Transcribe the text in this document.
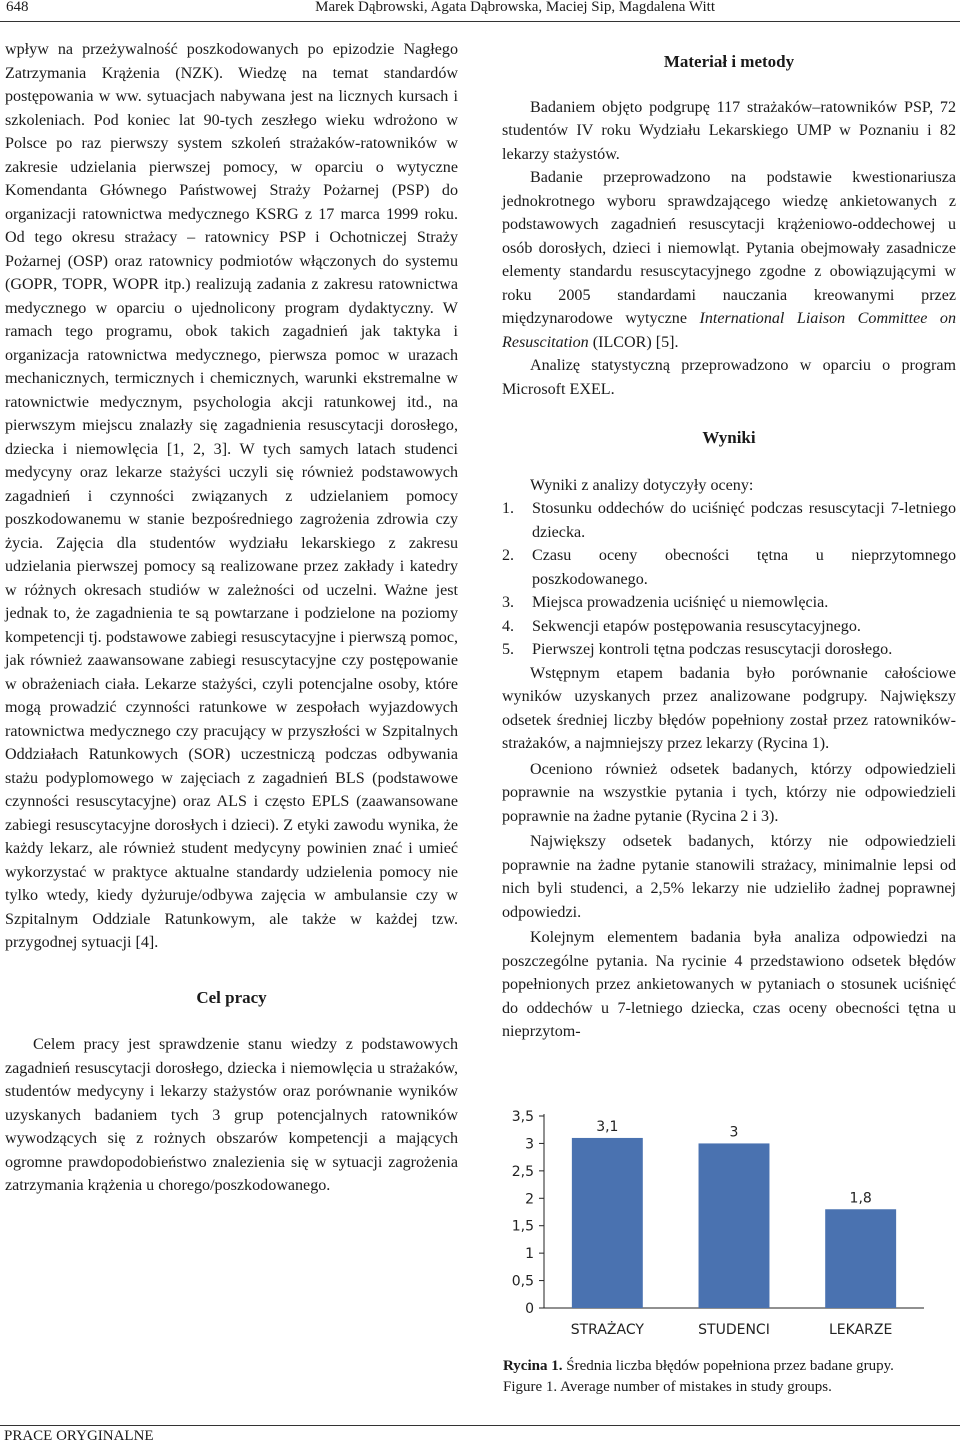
648	Marek Dąbrowski, Agata Dąbrowska, Maciej Sip, Magdalena Witt

wpływ na przeżywalność poszkodowanych po epizodzie Nagłego Zatrzymania Krążenia (NZK). Wiedzę na temat standardów postępowania w ww. sytuacjach nabywana jest na licznych kursach i szkoleniach. Pod koniec lat 90-tych zeszłego wieku wdrożono w Polsce po raz pierwszy system szkoleń strażaków-ratowników w zakresie udzielania pierwszej pomocy, w oparciu o wytyczne Komendanta Głównego Państwowej Straży Pożarnej (PSP) do organizacji ratownictwa medycznego KSRG z 17 marca 1999 roku. Od tego okresu strażacy – ratownicy PSP i Ochotniczej Straży Pożarnej (OSP) oraz ratownicy podmiotów włączonych do systemu (GOPR, TOPR, WOPR itp.) realizują zadania z zakresu ratownictwa medycznego w oparciu o ujednolicony program dydaktyczny. W ramach tego programu, obok takich zagadnień jak taktyka i organizacja ratownictwa medycznego, pierwsza pomoc w urazach mechanicznych, termicznych i chemicznych, warunki ekstremalne w ratownictwie medycznym, psychologia akcji ratunkowej itd., na pierwszym miejscu znalazły się zagadnienia resuscytacji dorosłego, dziecka i niemowlęcia [1, 2, 3]. W tych samych latach studenci medycyny oraz lekarze stażyści uczyli się również podstawowych zagadnień i czynności związanych z udzielaniem pomocy poszkodowanemu w stanie bezpośredniego zagrożenia zdrowia czy życia. Zajęcia dla studentów wydziału lekarskiego z zakresu udzielania pierwszej pomocy są realizowane przez zakłady i katedry w różnych okresach studiów w zależności od uczelni. Ważne jest jednak to, że zagadnienia te są powtarzane i podzielone na poziomy kompetencji tj. podstawowe zabiegi resuscytacyjne i pierwszą pomoc, jak również zaawansowane zabiegi resuscytacyjne czy postępowanie w obrażeniach ciała. Lekarze stażyści, czyli potencjalne osoby, które mogą prowadzić czynności ratunkowe w zespołach wyjazdowych ratownictwa medycznego czy pracujący w przyszłości w Szpitalnych Oddziałach Ratunkowych (SOR) uczestniczą podczas odbywania stażu podyplomowego w zajęciach z zagadnień BLS (podstawowe czynności resuscytacyjne) oraz ALS i często EPLS (zaawansowane zabiegi resuscytacyjne dorosłych i dzieci). Z etyki zawodu wynika, że każdy lekarz, ale również student medycyny powinien znać i umieć wykorzystać w praktyce aktualne standardy udzielenia pomocy nie tylko wtedy, kiedy dyżuruje/odbywa zajęcia w ambulansie czy w Szpitalnym Oddziale Ratunkowym, ale także w każdej tzw. przygodnej sytuacji [4].

Cel pracy

Celem pracy jest sprawdzenie stanu wiedzy z podstawowych zagadnień resuscytacji dorosłego, dziecka i niemowlęcia u strażaków, studentów medycyny i lekarzy stażystów oraz porównanie wyników uzyskanych badaniem tych 3 grup potencjalnych ratowników wywodzących się z rożnych obszarów kompetencji a mających ogromne prawdopodobieństwo znalezienia się w sytuacji zagrożenia zatrzymania krążenia u chorego/poszkodowanego.

Materiał i metody

Badaniem objęto podgrupę 117 strażaków–ratowników PSP, 72 studentów IV roku Wydziału Lekarskiego UMP w Poznaniu i 82 lekarzy stażystów.

Badanie przeprowadzono na podstawie kwestionariusza jednokrotnego wyboru sprawdzającego wiedzę ankietowanych z podstawowych zagadnień resuscytacji krążeniowo-oddechowej u osób dorosłych, dzieci i niemowląt. Pytania obejmowały zasadnicze elementy standardu resuscytacyjnego zgodne z obowiązującymi w roku 2005 standardami nauczania kreowanymi przez międzynarodowe wytyczne International Liaison Committee on Resuscitation (ILCOR) [5].

Analizę statystyczną przeprowadzono w oparciu o program Microsoft EXEL.

Wyniki

Wyniki z analizy dotyczyły oceny:

1. Stosunku oddechów do uciśnięć podczas resuscytacji 7-letniego dziecka.
2. Czasu oceny obecności tętna u nieprzytomnego poszkodowanego.
3. Miejsca prowadzenia uciśnięć u niemowlęcia.
4. Sekwencji etapów postępowania resuscytacyjnego.
5. Pierwszej kontroli tętna podczas resuscytacji dorosłego.

Wstępnym etapem badania było porównanie całościowe wyników uzyskanych przez analizowane podgrupy. Największy odsetek średniej liczby błędów popełniony został przez ratowników-strażaków, a najmniejszy przez lekarzy (Rycina 1).

Oceniono również odsetek badanych, którzy odpowiedzieli poprawnie na wszystkie pytania i tych, którzy nie odpowiedzieli poprawnie na żadne pytanie (Rycina 2 i 3).

Największy odsetek badanych, którzy nie odpowiedzieli poprawnie na żadne pytanie stanowili strażacy, minimalnie lepsi od nich byli studenci, a 2,5% lekarzy nie udzieliło żadnej poprawnej odpowiedzi.

Kolejnym elementem badania była analiza odpowiedzi na poszczególne pytania. Na rycinie 4 przedstawiono odsetek błędów popełnionych przez ankietowanych w pytaniach o stosunek uciśnięć do oddechów u 7-letniego dziecka, czas oceny obecności tętna u nieprzytom-

0
0,5
1
1,5
2
2,5
3
3,5
3,1
STRAŻACY
3
STUDENCI
1,8
LEKARZE
Rycina 1. Średnia liczba błędów popełniona przez badane grupy.
Figure 1. Average number of mistakes in study groups.
PRACE ORYGINALNE
